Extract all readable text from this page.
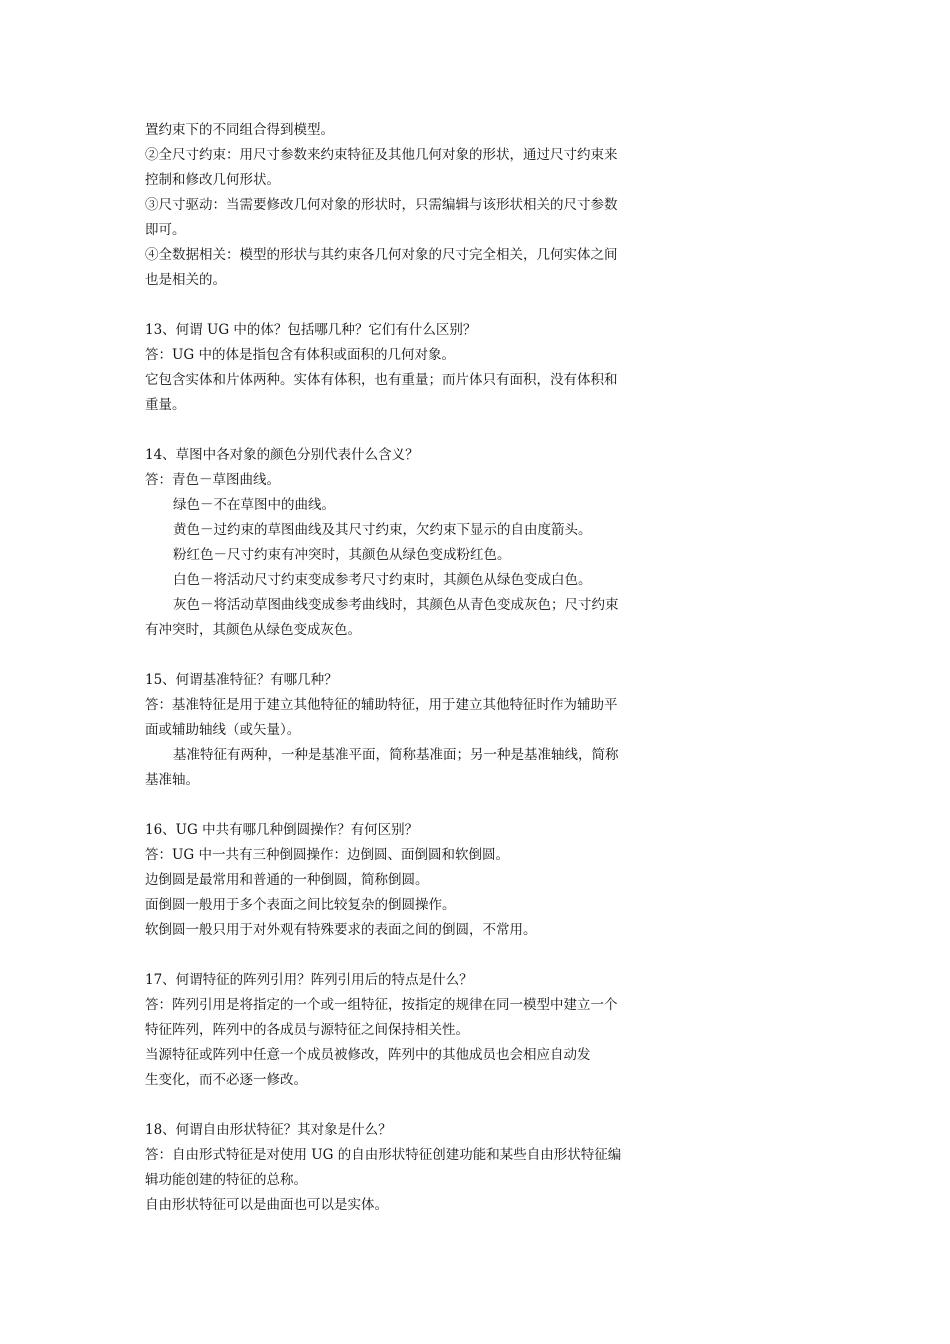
置约束下的不同组合得到模型。
②全尺寸约束：用尺寸参数来约束特征及其他几何对象的形状，通过尺寸约束来
控制和修改几何形状。
③尺寸驱动：当需要修改几何对象的形状时，只需编辑与该形状相关的尺寸参数
即可。
④全数据相关：模型的形状与其约束各几何对象的尺寸完全相关，几何实体之间
也是相关的。
13、何谓 UG 中的体？包括哪几种？它们有什么区别？
答：UG 中的体是指包含有体积或面积的几何对象。
它包含实体和片体两种。实体有体积，也有重量；而片体只有面积，没有体积和
重量。
14、草图中各对象的颜色分别代表什么含义？
答：青色－草图曲线。
绿色－不在草图中的曲线。
黄色－过约束的草图曲线及其尺寸约束，欠约束下显示的自由度箭头。
粉红色－尺寸约束有冲突时，其颜色从绿色变成粉红色。
白色－将活动尺寸约束变成参考尺寸约束时，其颜色从绿色变成白色。
灰色－将活动草图曲线变成参考曲线时，其颜色从青色变成灰色；尺寸约束
有冲突时，其颜色从绿色变成灰色。
15、何谓基准特征？有哪几种？
答：基准特征是用于建立其他特征的辅助特征，用于建立其他特征时作为辅助平
面或辅助轴线（或矢量）。
基准特征有两种，一种是基准平面，简称基准面；另一种是基准轴线，简称
基准轴。
16、UG 中共有哪几种倒圆操作？有何区别？
答：UG 中一共有三种倒圆操作：边倒圆、面倒圆和软倒圆。
边倒圆是最常用和普通的一种倒圆，简称倒圆。
面倒圆一般用于多个表面之间比较复杂的倒圆操作。
软倒圆一般只用于对外观有特殊要求的表面之间的倒圆，不常用。
17、何谓特征的阵列引用？阵列引用后的特点是什么？
答：阵列引用是将指定的一个或一组特征，按指定的规律在同一模型中建立一个
特征阵列，阵列中的各成员与源特征之间保持相关性。
当源特征或阵列中任意一个成员被修改，阵列中的其他成员也会相应自动发
生变化，而不必逐一修改。
18、何谓自由形状特征？其对象是什么？
答：自由形式特征是对使用 UG 的自由形状特征创建功能和某些自由形状特征编
辑功能创建的特征的总称。
自由形状特征可以是曲面也可以是实体。
